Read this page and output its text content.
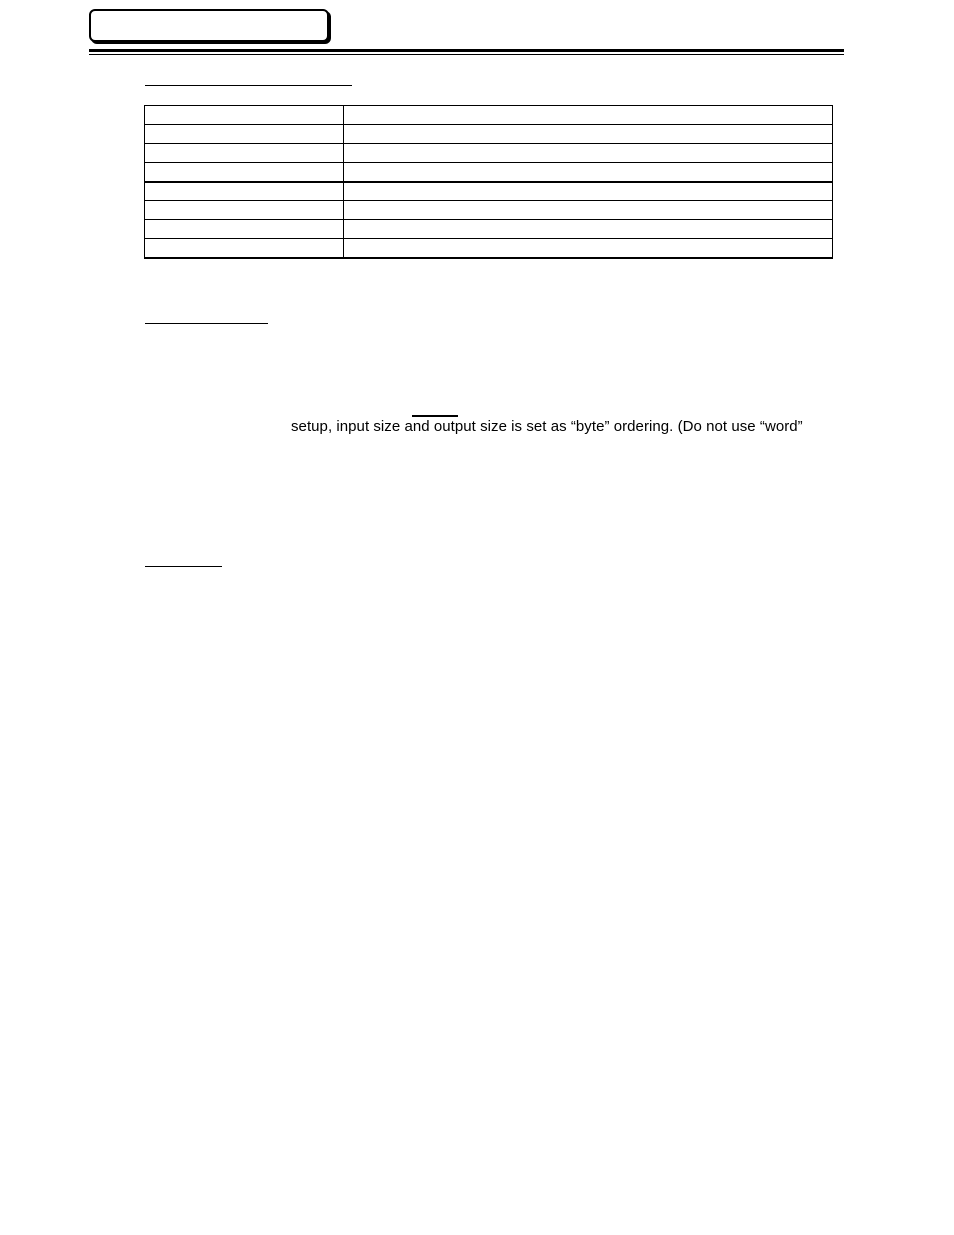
setup, input size and output size is set as “byte” ordering. (Do not use “word”
